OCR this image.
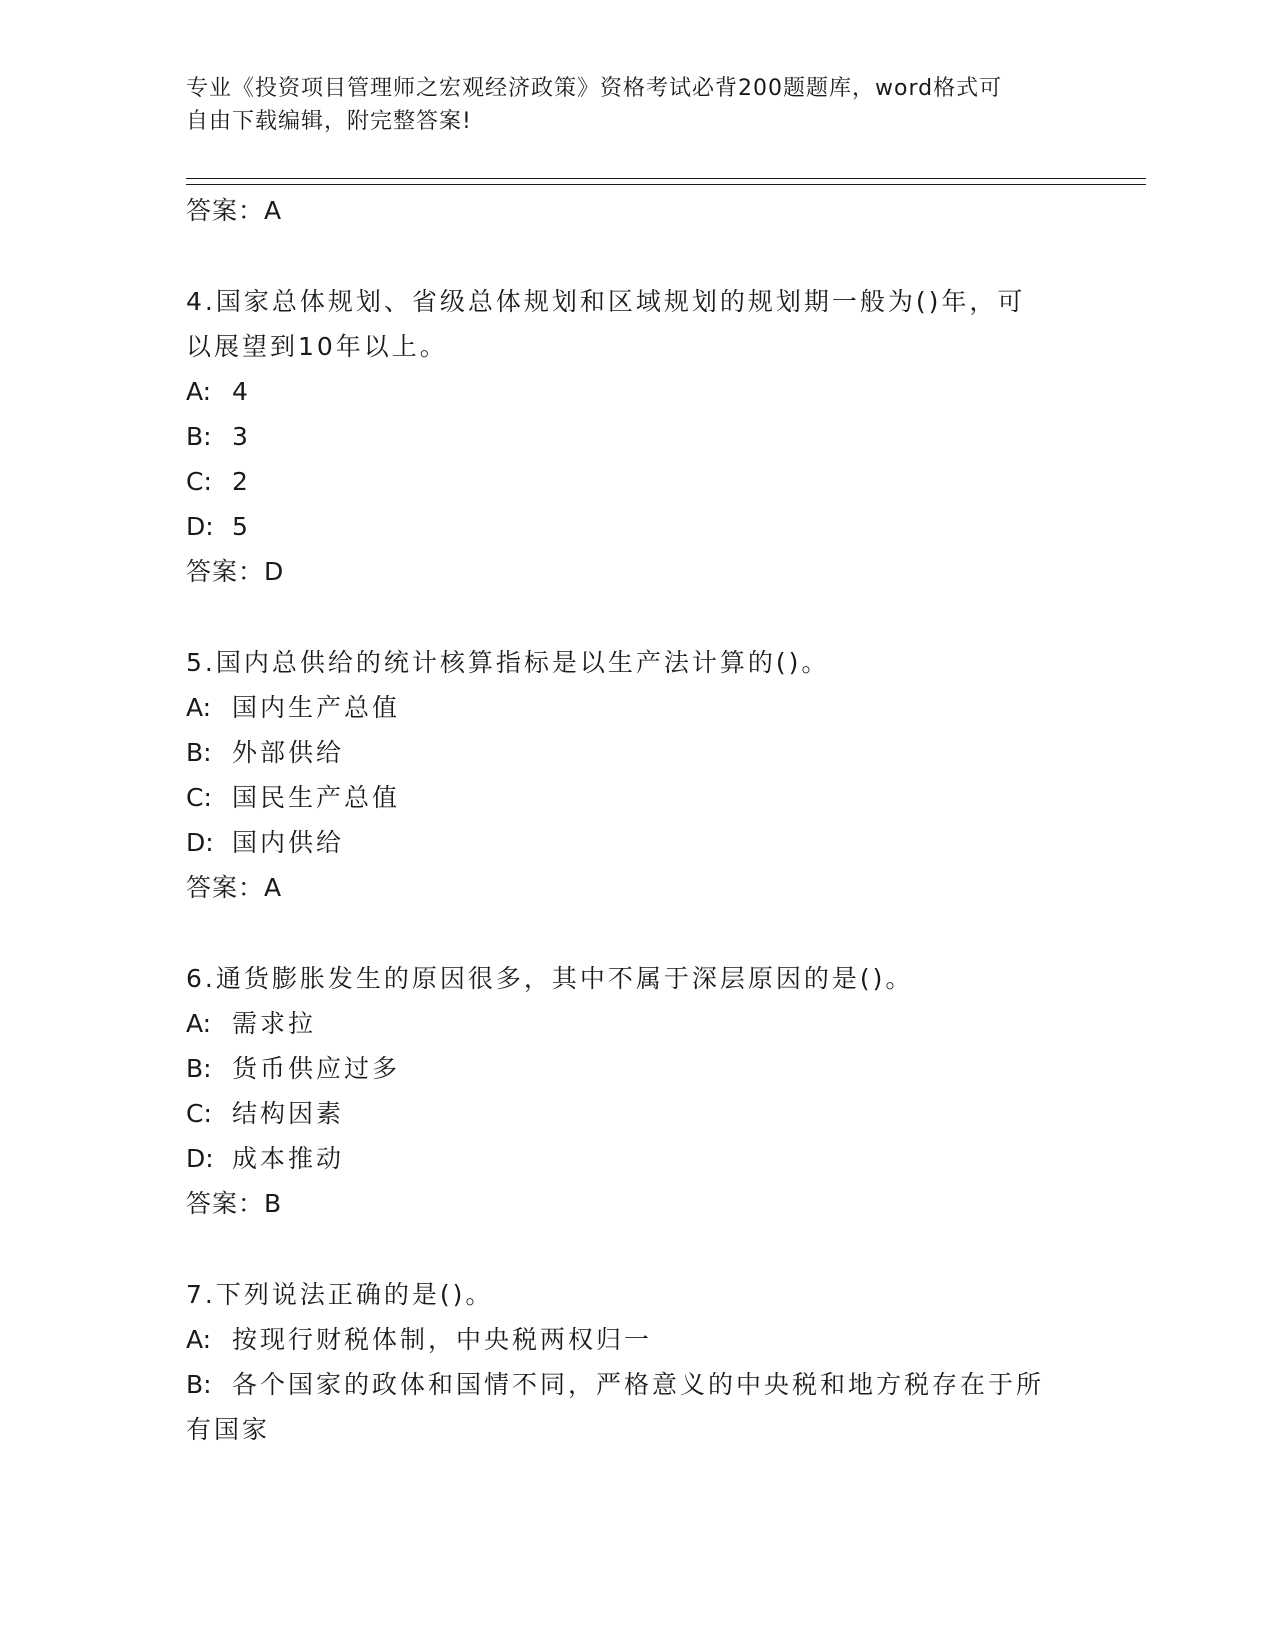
专业《投资项目管理师之宏观经济政策》资格考试必背200题题库，word格式可
自由下载编辑，附完整答案!
答案：A
4.国家总体规划、省级总体规划和区域规划的规划期一般为()年，可
以展望到10年以上。
A: 4
B: 3
C: 2
D: 5
答案：D
5.国内总供给的统计核算指标是以生产法计算的()。
A: 国内生产总值
B: 外部供给
C: 国民生产总值
D: 国内供给
答案：A
6.通货膨胀发生的原因很多，其中不属于深层原因的是()。
A: 需求拉
B: 货币供应过多
C: 结构因素
D: 成本推动
答案：B
7.下列说法正确的是()。
A: 按现行财税体制，中央税两权归一
B: 各个国家的政体和国情不同，严格意义的中央税和地方税存在于所
有国家
